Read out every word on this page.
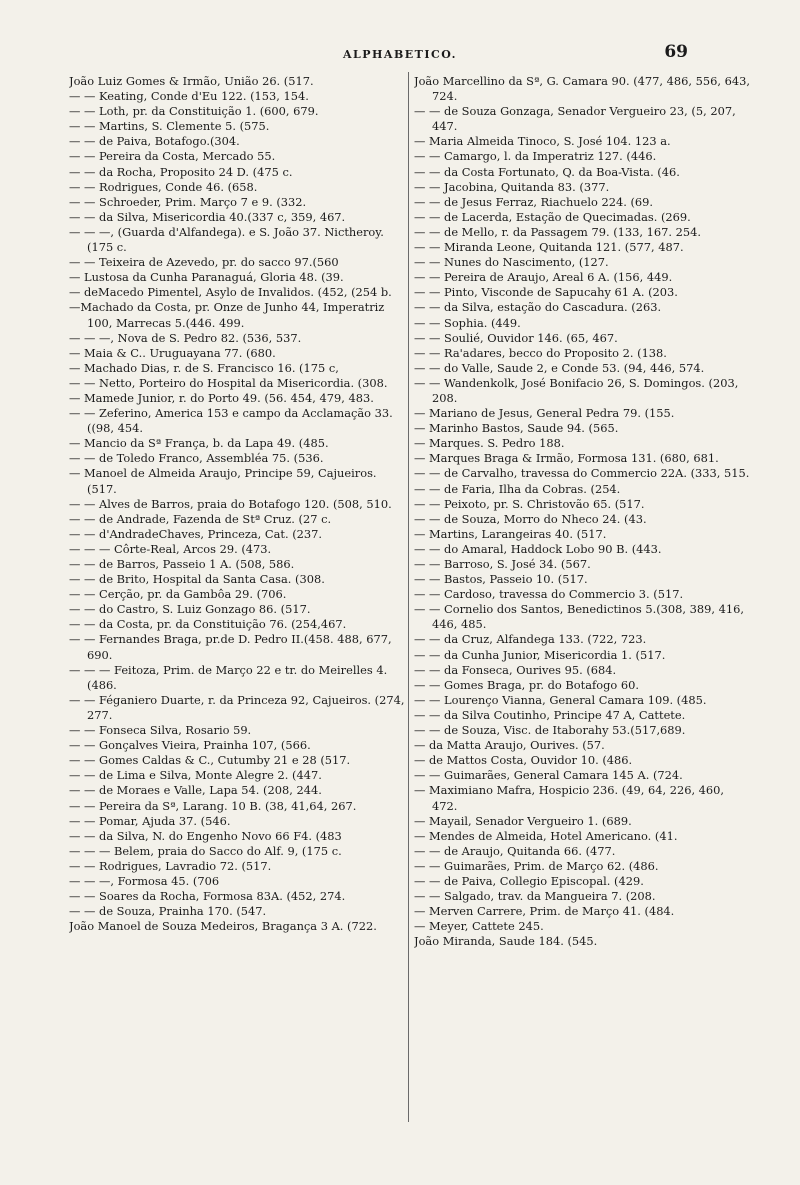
ALPHABETICO.	69

João Luiz Gomes & Irmão, União 26. (517.

— — Keating, Conde d'Eu 122. (153, 154.

— — Loth, pr. da Constituição 1. (600, 679.

— — Martins, S. Clemente 5. (575.

— — de Paiva, Botafogo.(304.

— — Pereira da Costa, Mercado 55.

— — da Rocha, Proposito 24 D. (475 c.

— — Rodrigues, Conde 46. (658.

— — Schroeder, Prim. Março 7 e 9. (332.

— — da Silva, Misericordia 40.(337 c, 359, 467.

— — —, (Guarda d'Alfandega). e S. João 37. Nictheroy. (175 c.

— — Teixeira de Azevedo, pr. do sacco 97.(560

— Lustosa da Cunha Paranaguá, Gloria 48. (39.

— deMacedo Pimentel, Asylo de Invalidos. (452, (254 b.

—Machado da Costa, pr. Onze de Junho 44, Imperatriz 100, Marrecas 5.(446. 499.

— — —, Nova de S. Pedro 82. (536, 537.

— Maia & C.. Uruguayana 77. (680.

— Machado Dias, r. de S. Francisco 16. (175 c,

— — Netto, Porteiro do Hospital da Misericordia. (308.

— Mamede Junior, r. do Porto 49. (56. 454, 479, 483.

— — Zeferino, America 153 e campo da Acclamação 33. ((98, 454.

— Mancio da Sª França, b. da Lapa 49. (485.

— — de Toledo Franco, Assembléa 75. (536.

— Manoel de Almeida Araujo, Principe 59, Cajueiros. (517.

— — Alves de Barros, praia do Botafogo 120. (508, 510.

— — de Andrade, Fazenda de Stª Cruz. (27 c.

— — d'AndradeChaves, Princeza, Cat. (237.

— — — Côrte-Real, Arcos 29. (473.

— — de Barros, Passeio 1 A. (508, 586.

— — de Brito, Hospital da Santa Casa. (308.

— — Cerção, pr. da Gambôa 29. (706.

— — do Castro, S. Luiz Gonzago 86. (517.

— — da Costa, pr. da Constituição 76. (254,467.

— — Fernandes Braga, pr.de D. Pedro II.(458. 488, 677, 690.

— — — Feitoza, Prim. de Março 22 e tr. do Meirelles 4. (486.

— — Féganiero Duarte, r. da Princeza 92, Cajueiros. (274, 277.

— — Fonseca Silva, Rosario 59.

— — Gonçalves Vieira, Prainha 107, (566.

— — Gomes Caldas & C., Cutumby 21 e 28 (517.

— — de Lima e Silva, Monte Alegre 2. (447.

— — de Moraes e Valle, Lapa 54. (208, 244.

— — Pereira da Sª, Larang. 10 B. (38, 41,64, 267.

— — Pomar, Ajuda 37. (546.

— — da Silva, N. do Engenho Novo 66 F4. (483

— — — Belem, praia do Sacco do Alf. 9, (175 c.

— — Rodrigues, Lavradio 72. (517.

— — —, Formosa 45. (706

— — Soares da Rocha, Formosa 83A. (452, 274.

— — de Souza, Prainha 170. (547.

João Manoel de Souza Medeiros, Bragança 3 A. (722.

João Marcellino da Sª, G. Camara 90. (477, 486, 556, 643, 724.

— — de Souza Gonzaga, Senador Vergueiro 23, (5, 207, 447.

— Maria Almeida Tinoco, S. José 104. 123 a.

— — Camargo, l. da Imperatriz 127. (446.

— — da Costa Fortunato, Q. da Boa-Vista. (46.

— — Jacobina, Quitanda 83. (377.

— — de Jesus Ferraz, Riachuelo 224. (69.

— — de Lacerda, Estação de Quecimadas. (269.

— — de Mello, r. da Passagem 79. (133, 167. 254.

— — Miranda Leone, Quitanda 121. (577, 487.

— — Nunes do Nascimento, (127.

— — Pereira de Araujo, Areal 6 A. (156, 449.

— — Pinto, Visconde de Sapucahy 61 A. (203.

— — da Silva, estação do Cascadura. (263.

— — Sophia. (449.

— — Soulié, Ouvidor 146. (65, 467.

— — Ra'adares, becco do Proposito 2. (138.

— — do Valle, Saude 2, e Conde 53. (94, 446, 574.

— — Wandenkolk, José Bonifacio 26, S. Domingos. (203, 208.

— Mariano de Jesus, General Pedra 79. (155.

— Marinho Bastos, Saude 94. (565.

— Marques. S. Pedro 188.

— Marques Braga & Irmão, Formosa 131. (680, 681.

— — de Carvalho, travessa do Commercio 22A. (333, 515.

— — de Faria, Ilha da Cobras. (254.

— — Peixoto, pr. S. Christovão 65. (517.

— — de Souza, Morro do Nheco 24. (43.

— Martins, Larangeiras 40. (517.

— — do Amaral, Haddock Lobo 90 B. (443.

— — Barroso, S. José 34. (567.

— — Bastos, Passeio 10. (517.

— — Cardoso, travessa do Commercio 3. (517.

— — Cornelio dos Santos, Benedictinos 5.(308, 389, 416, 446, 485.

— — da Cruz, Alfandega 133. (722, 723.

— — da Cunha Junior, Misericordia 1. (517.

— — da Fonseca, Ourives 95. (684.

— — Gomes Braga, pr. do Botafogo 60.

— — Lourenço Vianna, General Camara 109. (485.

— — da Silva Coutinho, Principe 47 A, Cattete.

— — de Souza, Visc. de Itaborahy 53.(517,689.

— da Matta Araujo, Ourives. (57.

— de Mattos Costa, Ouvidor 10. (486.

— — Guimarães, General Camara 145 A. (724.

— Maximiano Mafra, Hospicio 236. (49, 64, 226, 460, 472.

— Mayail, Senador Vergueiro 1. (689.

— Mendes de Almeida, Hotel Americano. (41.

— — de Araujo, Quitanda 66. (477.

— — Guimarães, Prim. de Março 62. (486.

— — de Paiva, Collegio Episcopal. (429.

— — Salgado, trav. da Mangueira 7. (208.

— Merven Carrere, Prim. de Março 41. (484.

— Meyer, Cattete 245.

João Miranda, Saude 184. (545.
